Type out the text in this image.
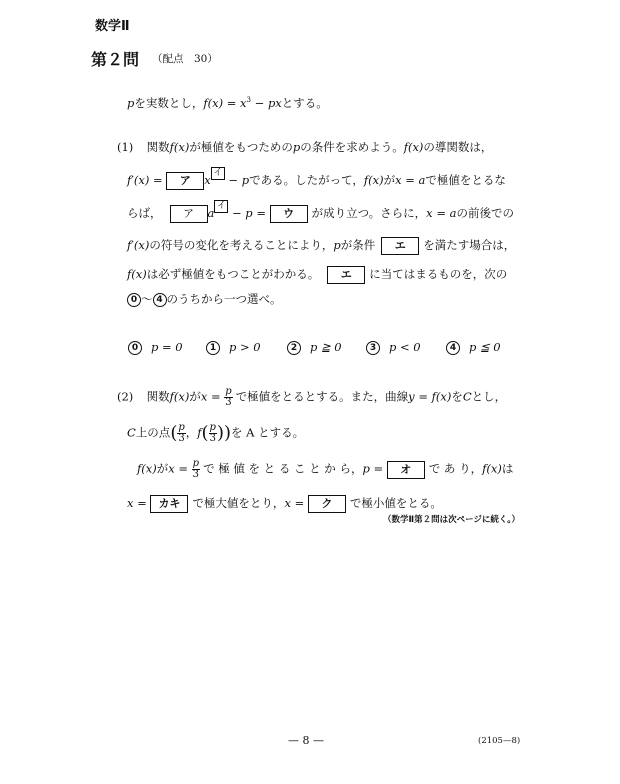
数学Ⅱ
第２問 （配点　30）
pを実数とし，$f(x) = x^3$ − pxとする。
(1) 関数f(x)が極値をもつためのpの条件を求めよう。f(x)の導関数は，
f′(x) = ア x イ − pである。したがって，f(x)がx = aで極値をとるな
らば， ア a イ − p = ウ が成り立つ。さらに，x = aの前後での
f′(x)の符号の変化を考えることにより，pが条件 エ を満たす場合は，
f(x)は必ず極値をもつことがわかる。 エ に当てはまるものを，次の
0 〜 4 のうちから一つ選べ。
0 p = 0	1 p > 0	2 p ≧ 0	3 p < 0	4 p ≦ 0
(2) 関数f(x)が$x = \frac{p}{3}$ で極値をとるとする。また，曲線y = f(x)をCとし，
C上の点( $\frac{p}{3}$ ，$f( \frac{p}{3}$ ))を A とする。
f(x)が$x = \frac{p}{3}$ で 極 値 を と る こ と か ら，p = オ で あ り，f(x)は
x = カキ で極大値をとり，x = ク で極小値をとる。
（数学Ⅱ第２問は次ページに続く。）
— 8 —	(2105—8)
